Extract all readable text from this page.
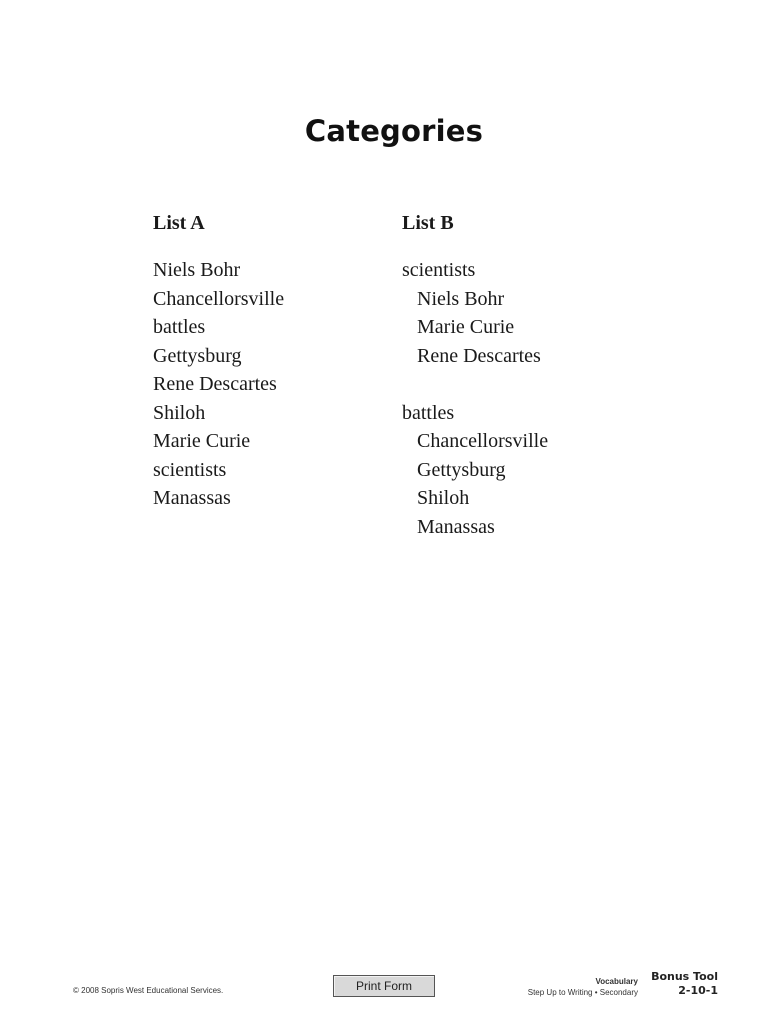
Categories
List A
Niels Bohr
Chancellorsville
battles
Gettysburg
Rene Descartes
Shiloh
Marie Curie
scientists
Manassas
List B
scientists
Niels Bohr
Marie Curie
Rene Descartes
battles
Chancellorsville
Gettysburg
Shiloh
Manassas
© 2008 Sopris West Educational Services.	Print Form	Vocabulary
Step Up to Writing • Secondary
Bonus Tool
2-10-1
